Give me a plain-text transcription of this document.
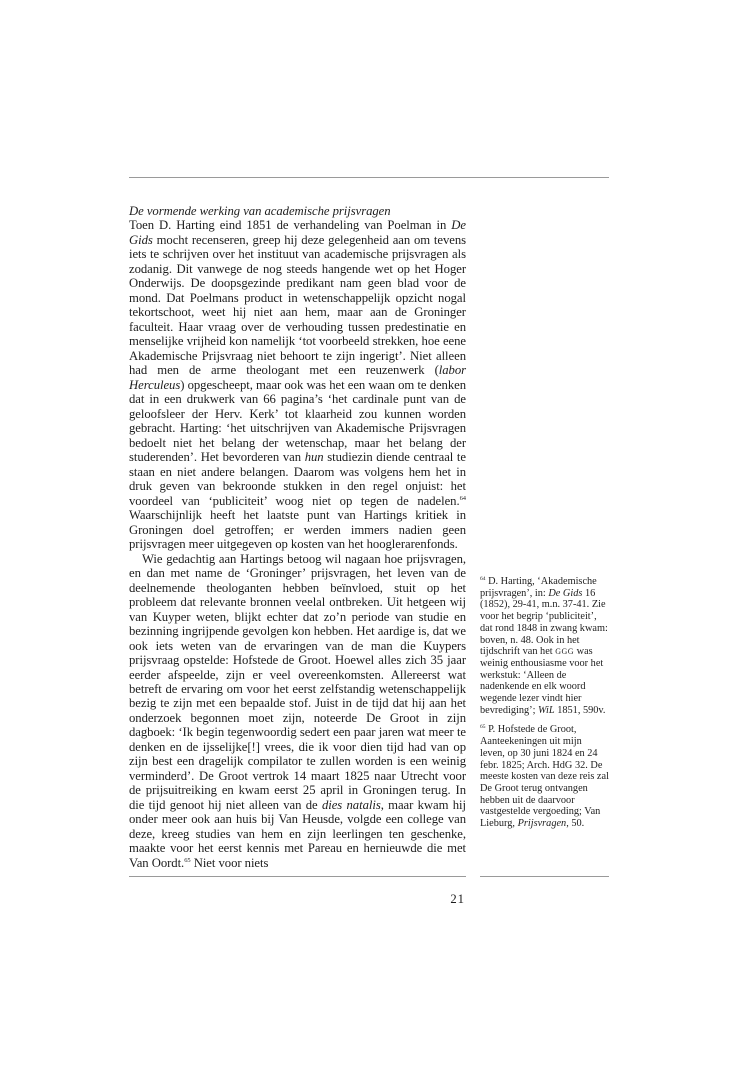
De vormende werking van academische prijsvragen

Toen D. Harting eind 1851 de verhandeling van Poelman in De Gids mocht recenseren, greep hij deze gelegenheid aan om tevens iets te schrijven over het instituut van academische prijsvragen als zodanig. Dit vanwege de nog steeds hangende wet op het Hoger Onderwijs. De doopsgezinde predikant nam geen blad voor de mond. Dat Poelmans product in wetenschappelijk opzicht nogal tekortschoot, weet hij niet aan hem, maar aan de Groninger faculteit. Haar vraag over de verhouding tussen predestinatie en menselijke vrijheid kon namelijk ‘tot voorbeeld strekken, hoe eene Akademische Prijsvraag niet behoort te zijn ingerigt’. Niet alleen had men de arme theologant met een reuzenwerk (labor Herculeus) opgescheept, maar ook was het een waan om te denken dat in een drukwerk van 66 pagina’s ‘het cardinale punt van de geloofsleer der Herv. Kerk’ tot klaarheid zou kunnen worden gebracht. Harting: ‘het uitschrijven van Akademische Prijsvragen bedoelt niet het belang der wetenschap, maar het belang der studerenden’. Het bevorderen van hun studiezin diende centraal te staan en niet andere belangen. Daarom was volgens hem het in druk geven van bekroonde stukken in den regel onjuist: het voordeel van ‘publiciteit’ woog niet op tegen de nadelen.$^{64}$ Waarschijnlijk heeft het laatste punt van Hartings kritiek in Groningen doel getroffen; er werden immers nadien geen prijsvragen meer uitgegeven op kosten van het hooglerarenfonds.

Wie gedachtig aan Hartings betoog wil nagaan hoe prijsvragen, en dan met name de ‘Groninger’ prijsvragen, het leven van de deelnemende theologanten hebben beïnvloed, stuit op het probleem dat relevante bronnen veelal ontbreken. Uit hetgeen wij van Kuyper weten, blijkt echter dat zo’n periode van studie en bezinning ingrijpende gevolgen kon hebben. Het aardige is, dat we ook iets weten van de ervaringen van de man die Kuypers prijsvraag opstelde: Hofstede de Groot. Hoewel alles zich 35 jaar eerder afspeelde, zijn er veel overeenkomsten. Allereerst wat betreft de ervaring om voor het eerst zelfstandig wetenschappelijk bezig te zijn met een bepaalde stof. Juist in de tijd dat hij aan het onderzoek begonnen moet zijn, noteerde De Groot in zijn dagboek: ‘Ik begin tegenwoordig sedert een paar jaren wat meer te denken en de ijsselijke[!] vrees, die ik voor dien tijd had van op zijn best een dragelijk compilator te zullen worden is een weinig verminderd’. De Groot vertrok 14 maart 1825 naar Utrecht voor de prijsuitreiking en kwam eerst 25 april in Groningen terug. In die tijd genoot hij niet alleen van de dies natalis, maar kwam hij onder meer ook aan huis bij Van Heusde, volgde een college van deze, kreeg studies van hem en zijn leerlingen ten geschenke, maakte voor het eerst kennis met Pareau en hernieuwde die met Van Oordt.$^{65}$ Niet voor niets

$^{64}$ D. Harting, ‘Akademische prijsvragen’, in: De Gids 16 (1852), 29-41, m.n. 37-41. Zie voor het begrip ‘publiciteit’, dat rond 1848 in zwang kwam: boven, n. 48. Ook in het tijdschrift van het GGG was weinig enthousiasme voor het werkstuk: ‘Alleen de nadenkende en elk woord wegende lezer vindt hier bevrediging’; WiL 1851, 590v.

$^{65}$ P. Hofstede de Groot, Aanteekeningen uit mijn leven, op 30 juni 1824 en 24 febr. 1825; Arch. HdG 32. De meeste kosten van deze reis zal De Groot terug ontvangen hebben uit de daarvoor vastgestelde vergoeding; Van Lieburg, Prijsvragen, 50.

21
